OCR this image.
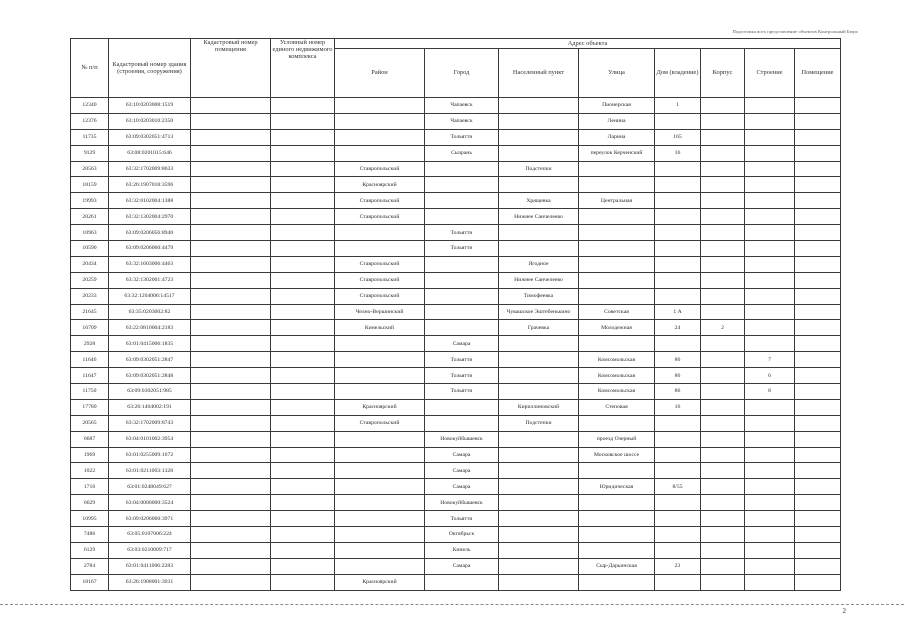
Подготовка всех представление объектов Контрольный Бюро
№ п/п	Кадастровый номер здания (строения, сооружения)	Кадастровый номер помещения	Условный номер единого недвижимого комплекса	Адрес объекта							
				Район	Город	Населенный пункт	Улица	Дом (владение)	Корпус	Строение	Помещение
12340	63:10:0203008:1519				Чапаевск		Пионерская	1			
12376	63:10:0203010:2350				Чапаевск		Ленина				
11735	63:09:0302051:4713				Тольятти		Ларина	165			
9129	63:08:0201015:646				Сызрань		переулок Керченский	16			
20563	63:32:1702009:8633			Ставропольский		Подстепки					
18159	63:26:1907018:3596			Красноярский							
19993	63:32:0102004:1388			Ставропольский		Хрящевка	Центральная				
20261	63:32:1302004:2970			Ставропольский		Нижнее Санчелеево					
10963	63:09:0206056:8940				Тольятти						
10590	63:09:0206060:4479				Тольятти						
20434	63:32:1603006:4463			Ставропольский		Ягодное					
20259	63:32:1302001:4723			Ставропольский		Нижнее Санчелеево					
20233	63:32:1204006:14517			Ставропольский		Тимофеевка					
21645	63:35:0203002:82			Челно-Вершинский		Чувашское Эштебенькино	Советская	1 А			
16709	63:22:0810004:2183			Кинельский		Грачевка	Молодежная	24	2		
2928	63:01:0415006:1835				Самара						
11646	63:09:0302051:2847				Тольятти		Комсомольская	86		7	
11647	63:09:0302051:2848				Тольятти		Комсомольская	86		6	
11750	63:09:0302051:985				Тольятти		Комсомольская	86		8	
17780	63:26:1404002:191			Красноярский		Кириллиновский	Степовая	16			
20565	63:32:1702009:8743			Ставропольский		Подстепки					
6687	63:04:0101002:3954				Новокуйбышевск		проезд Озерный				
1969	63:01:0255009:1672				Самара		Московское шоссе				
1022	63:01:0211003:1328				Самара						
1716	63:01:0248049:627				Самара		Юридическая	8/55			
6629	63:04:0000000:3524				Новокуйбышевск						
10995	63:09:0206060:3971				Тольятти						
7486	63:05:0107006:224				Октябрьск						
6129	63:03:0210009:717				Кинель						
2784	63:01:0411006:2283				Самара		Сыр-Дарьинская	23			
18167	63:26:1908001:3931			Красноярский							
2
